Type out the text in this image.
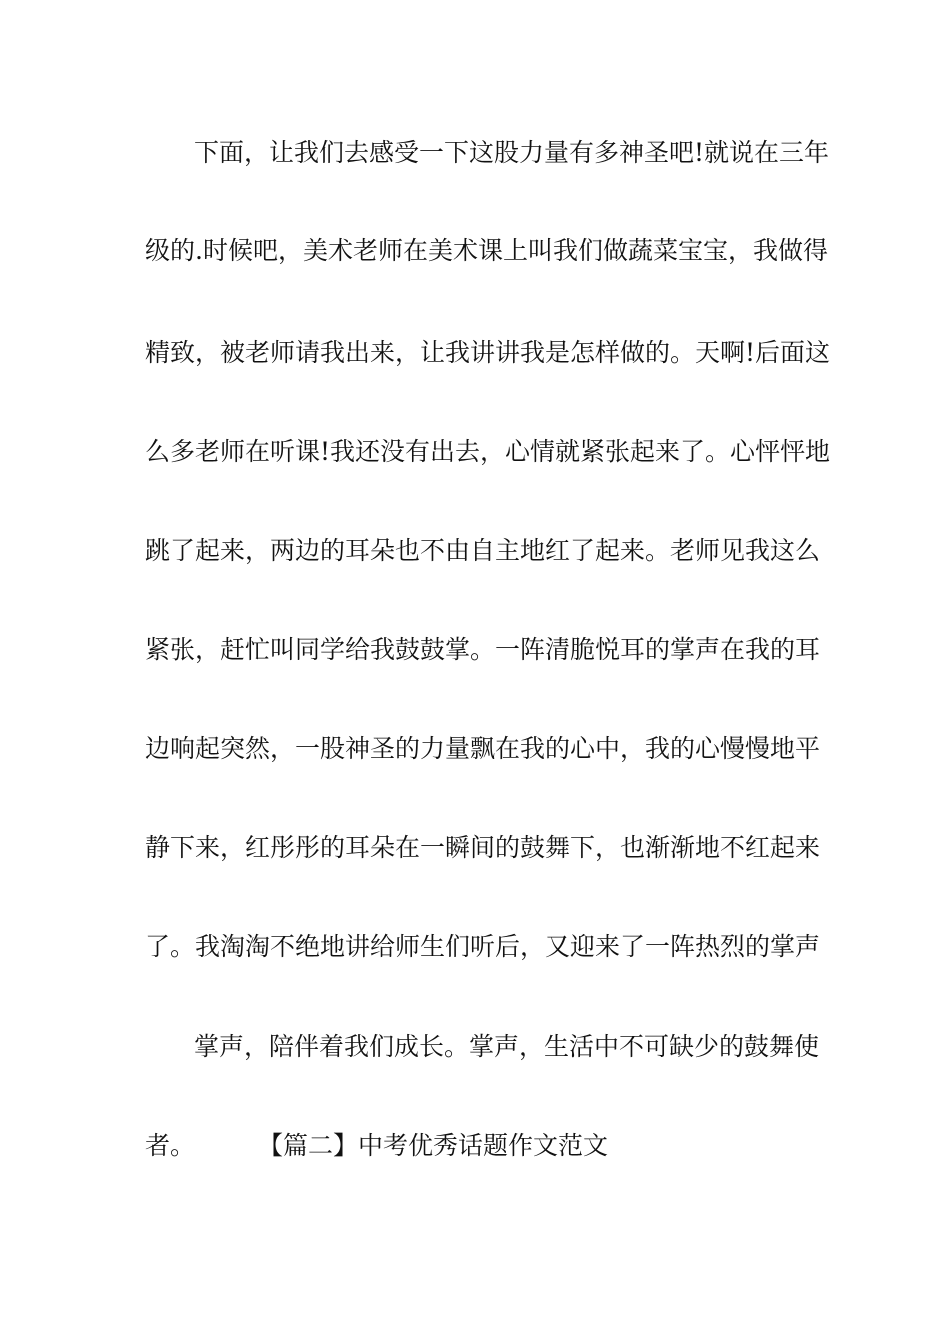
下面，让我们去感受一下这股力量有多神圣吧!就说在三年
级的.时候吧，美术老师在美术课上叫我们做蔬菜宝宝，我做得
精致，被老师请我出来，让我讲讲我是怎样做的。天啊!后面这
么多老师在听课!我还没有出去，心情就紧张起来了。心怦怦地
跳了起来，两边的耳朵也不由自主地红了起来。老师见我这么
紧张，赶忙叫同学给我鼓鼓掌。一阵清脆悦耳的掌声在我的耳
边响起突然，一股神圣的力量飘在我的心中，我的心慢慢地平
静下来，红彤彤的耳朵在一瞬间的鼓舞下，也渐渐地不红起来
了。我淘淘不绝地讲给师生们听后，又迎来了一阵热烈的掌声
掌声，陪伴着我们成长。掌声，生活中不可缺少的鼓舞使
者。	【篇二】中考优秀话题作文范文
